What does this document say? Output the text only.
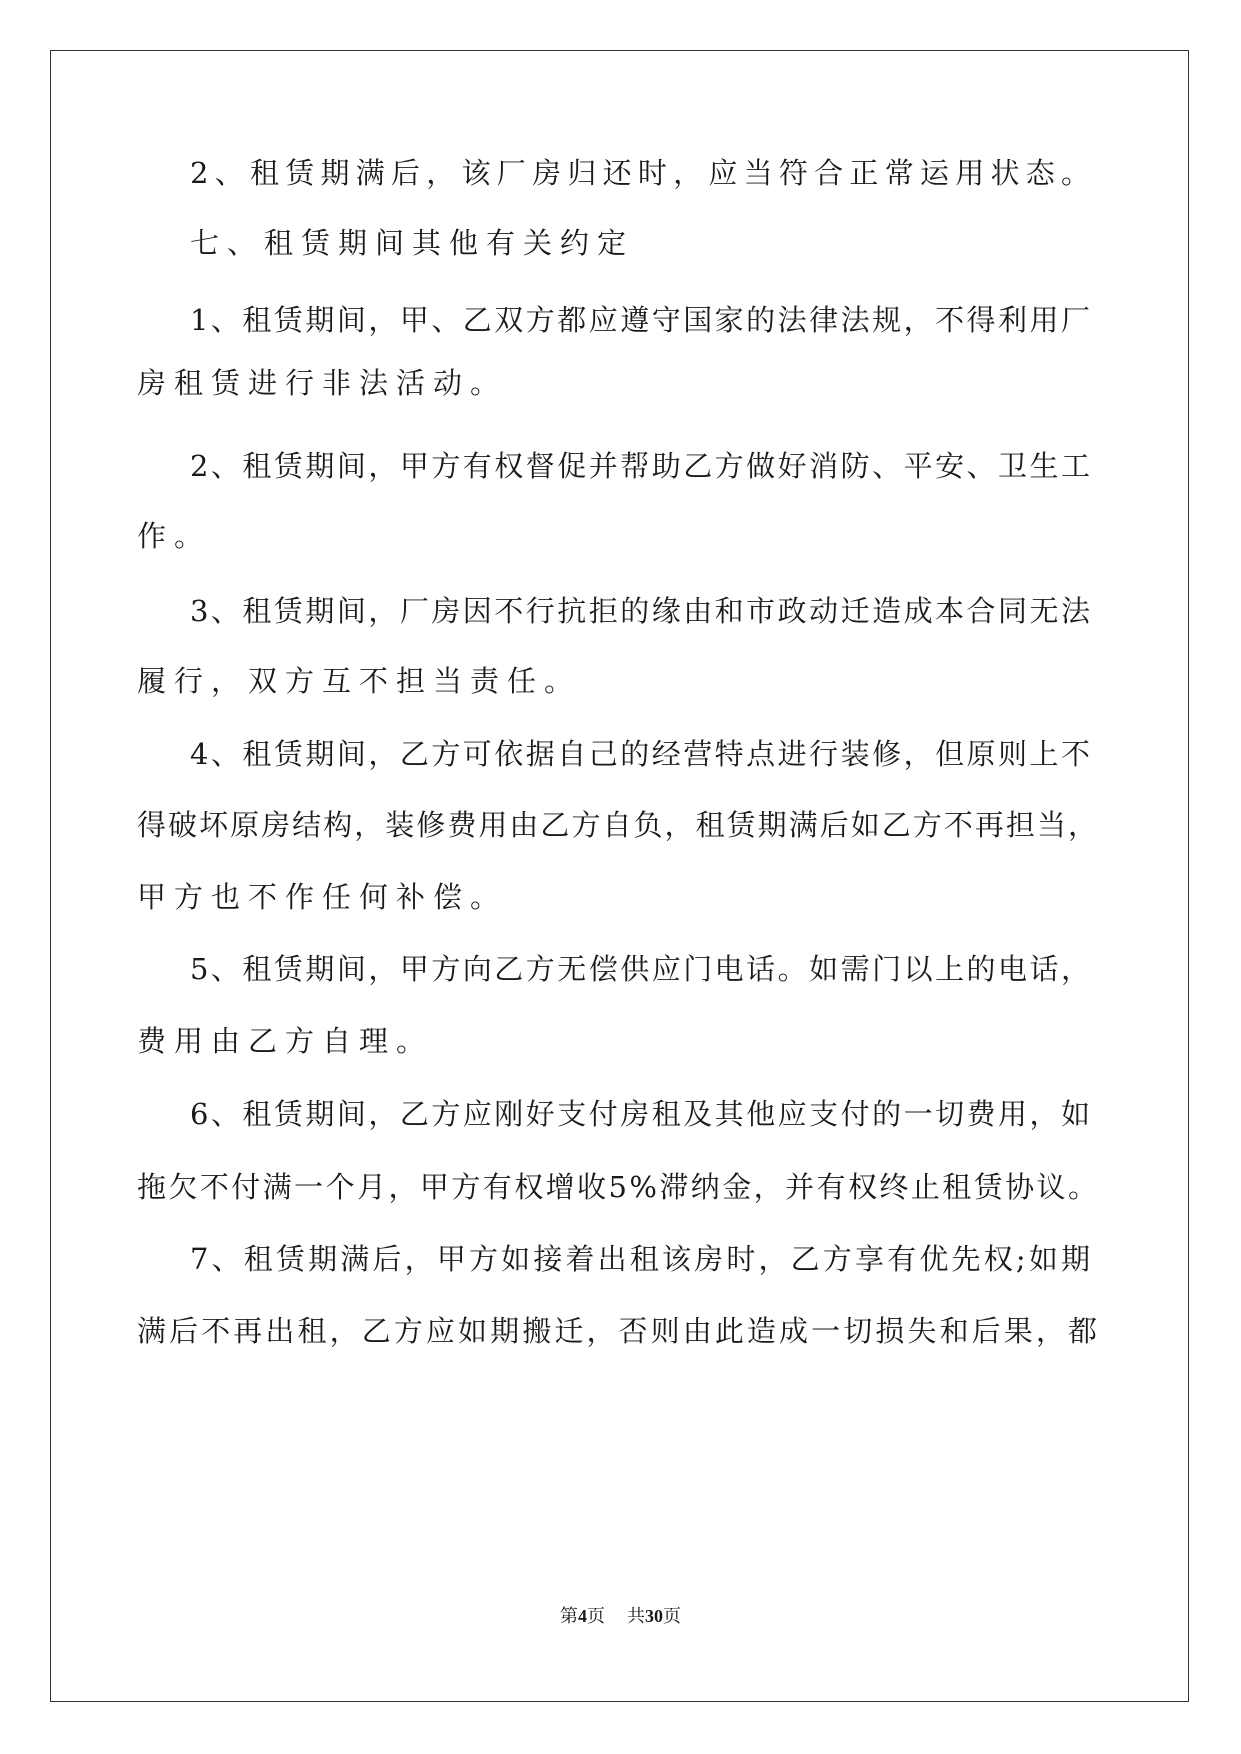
2、租赁期满后，该厂房归还时，应当符合正常运用状态。
七、租赁期间其他有关约定
1、租赁期间，甲、乙双方都应遵守国家的法律法规，不得利用厂
房租赁进行非法活动。
2、租赁期间，甲方有权督促并帮助乙方做好消防、平安、卫生工
作。
3、租赁期间，厂房因不行抗拒的缘由和市政动迁造成本合同无法
履行，双方互不担当责任。
4、租赁期间，乙方可依据自己的经营特点进行装修，但原则上不
得破坏原房结构，装修费用由乙方自负，租赁期满后如乙方不再担当，
甲方也不作任何补偿。
5、租赁期间，甲方向乙方无偿供应门电话。如需门以上的电话，
费用由乙方自理。
6、租赁期间，乙方应刚好支付房租及其他应支付的一切费用，如
拖欠不付满一个月，甲方有权增收5%滞纳金，并有权终止租赁协议。
7、租赁期满后，甲方如接着出租该房时，乙方享有优先权;如期
满后不再出租，乙方应如期搬迁，否则由此造成一切损失和后果，都
第4页 共30页
